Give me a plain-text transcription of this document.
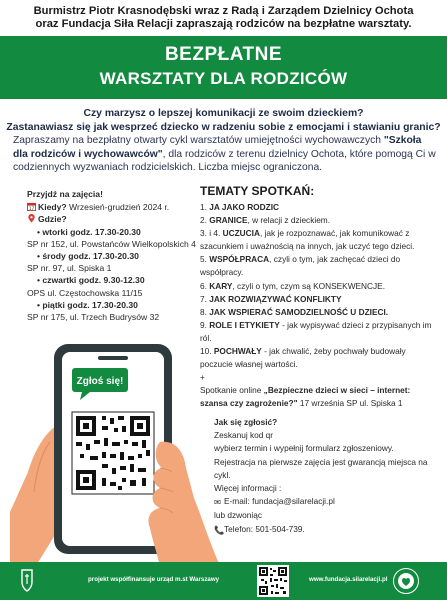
Burmistrz Piotr Krasnodębski wraz z Radą i Zarządem Dzielnicy Ochota
oraz Fundacja Siła Relacji zapraszają rodziców na bezpłatne warsztaty.
BEZPŁATNE
WARSZTATY DLA RODZICÓW
Czy marzysz o lepszej komunikacji ze swoim dzieckiem?
Zastanawiasz się jak wesprzeć dziecko w radzeniu sobie z emocjami i stawianiu granic?
Zapraszamy na bezpłatny otwarty cykl warsztatów umiejętności wychowawczych "Szkoła dla rodziców i wychowawców", dla rodziców z terenu dzielnicy Ochota, które pomogą Ci w codziennych wyzwaniach rodzicielskich. Liczba miejsc ograniczona.
Przyjdź na zajęcia!
17 Kiedy? Wrzesień-grudzień 2024 r.
Gdzie?
• wtorki godz. 17.30-20.30
SP nr 152, ul. Powstańców Wielkopolskich 4
• środy godz. 17.30-20.30
SP nr. 97, ul. Spiska 1
• czwartki godz. 9.30-12.30
OPS ul. Częstochowska 11/15
• piątki godz. 17.30-20.30
SP nr 175, ul. Trzech Budrysów 32
TEMATY SPOTKAŃ:
1. JA JAKO RODZIC
2. GRANICE, w relacji z dzieckiem.
3. i 4. UCZUCIA, jak je rozpoznawać, jak komunikować z szacunkiem i uważnością na innych, jak uczyć tego dzieci.
5. WSPÓŁPRACA, czyli o tym, jak zachęcać dzieci do współpracy.
6. KARY, czyli o tym, czym są KONSEKWENCJE.
7. JAK ROZWIĄZYWAĆ KONFLIKTY
8. JAK WSPIERAĆ SAMODZIELNOŚĆ U DZIECI.
9. ROLE I ETYKIETY - jak wypisywać dzieci z przypisanych im ról.
10. POCHWAŁY - jak chwalić, żeby pochwały budowały poczucie własnej wartości.
+
Spotkanie online „Bezpieczne dzieci w sieci – internet: szansa czy zagrożenie?" 17 września SP ul. Spiska 1
Zgłoś się!
Jak się zgłosić?
Zeskanuj kod qr
wybierz termin i wypełnij formularz zgłoszeniowy.
Rejestracja na pierwsze zajęcia jest gwarancją miejsca na cykl.
Więcej informacji :
✉ E-mail: fundacja@silarelacji.pl
lub dzwoniąc
📞Telefon: 501-504-739.
projekt współfinansuje urząd m.st Warszawy	www.fundacja.silarelacji.pl
